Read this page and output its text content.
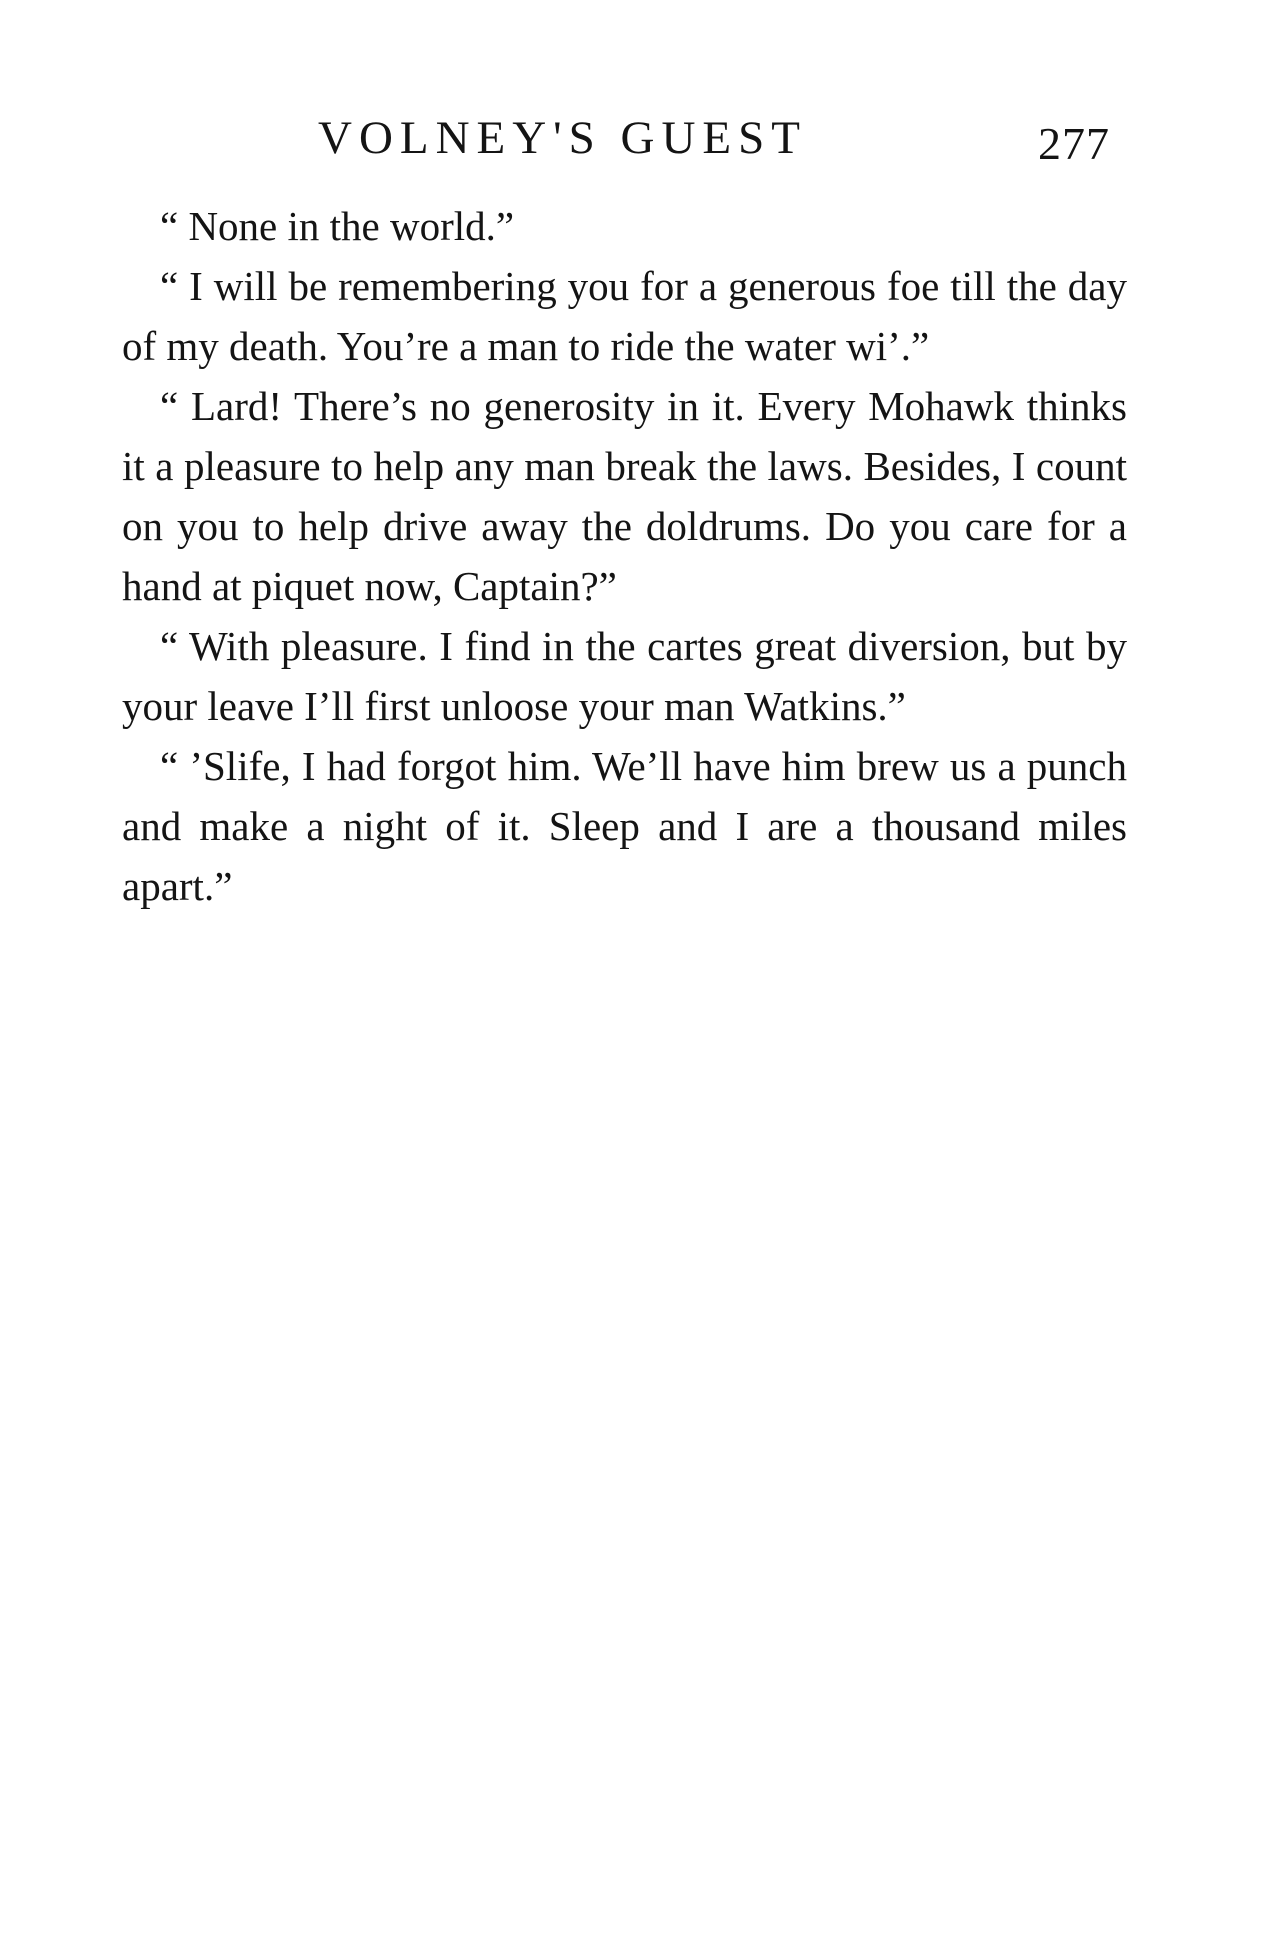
VOLNEY'S GUEST	277

“ None in the world.”

“ I will be remembering you for a generous foe till the day of my death. You’re a man to ride the water wi’.”

“ Lard! There’s no generosity in it. Every Mohawk thinks it a pleasure to help any man break the laws. Besides, I count on you to help drive away the doldrums. Do you care for a hand at piquet now, Captain?”

“ With pleasure. I find in the cartes great diversion, but by your leave I’ll first unloose your man Watkins.”

“ ’Slife, I had forgot him. We’ll have him brew us a punch and make a night of it. Sleep and I are a thousand miles apart.”
